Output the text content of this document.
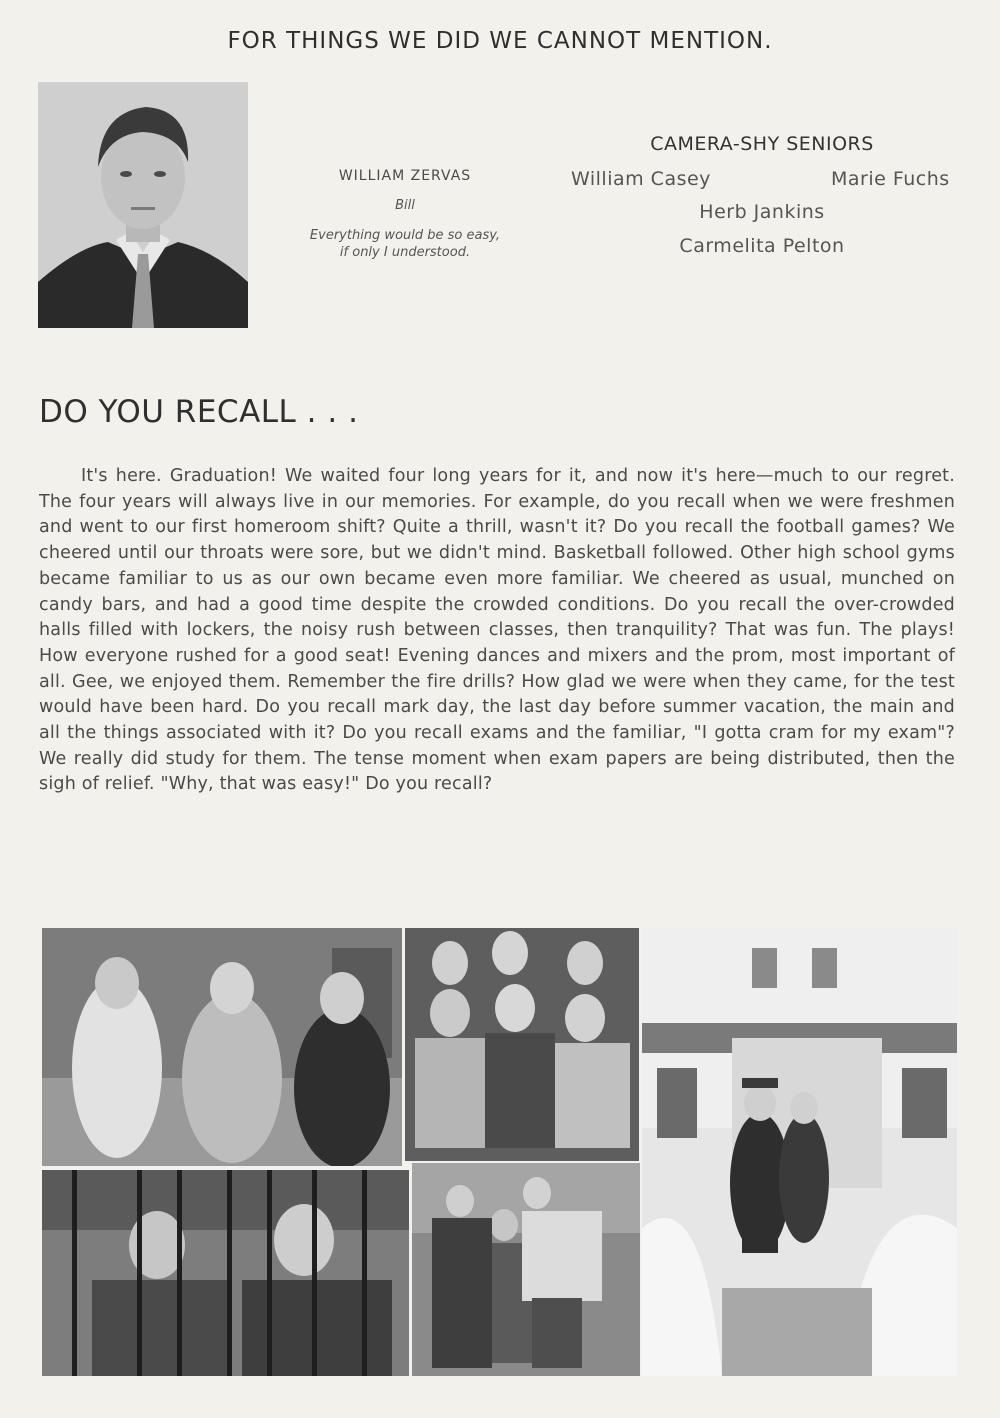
FOR THINGS WE DID WE CANNOT MENTION.
WILLIAM ZERVAS
Bill
Everything would be so easy,
if only I understood.
CAMERA-SHY SENIORS
William Casey	Marie Fuchs
Herb Jankins
Carmelita Pelton
DO YOU RECALL . . .
It's here. Graduation! We waited four long years for it, and now it's here—much to our regret. The four years will always live in our memories. For example, do you recall when we were freshmen and went to our first homeroom shift? Quite a thrill, wasn't it? Do you recall the football games? We cheered until our throats were sore, but we didn't mind. Basketball followed. Other high school gyms became familiar to us as our own became even more familiar. We cheered as usual, munched on candy bars, and had a good time despite the crowded conditions. Do you recall the over-crowded halls filled with lockers, the noisy rush between classes, then tranquility? That was fun. The plays! How everyone rushed for a good seat! Evening dances and mixers and the prom, most important of all. Gee, we enjoyed them. Remember the fire drills? How glad we were when they came, for the test would have been hard. Do you recall mark day, the last day before summer vacation, the main and all the things associated with it? Do you recall exams and the familiar, "I gotta cram for my exam"? We really did study for them. The tense moment when exam papers are being distributed, then the sigh of relief. "Why, that was easy!" Do you recall?
